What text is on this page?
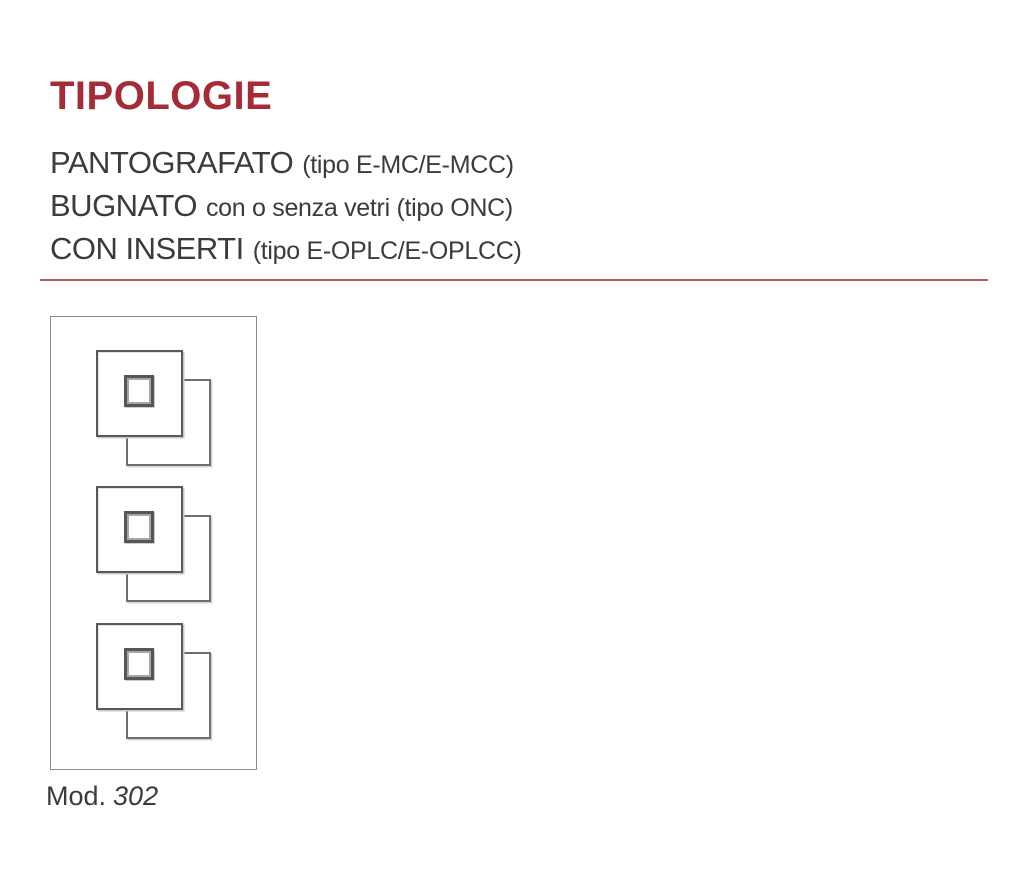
TIPOLOGIE
PANTOGRAFATO (tipo E-MC/E-MCC)
BUGNATO con o senza vetri (tipo ONC)
CON INSERTI (tipo E-OPLC/E-OPLCC)
Mod. 302
